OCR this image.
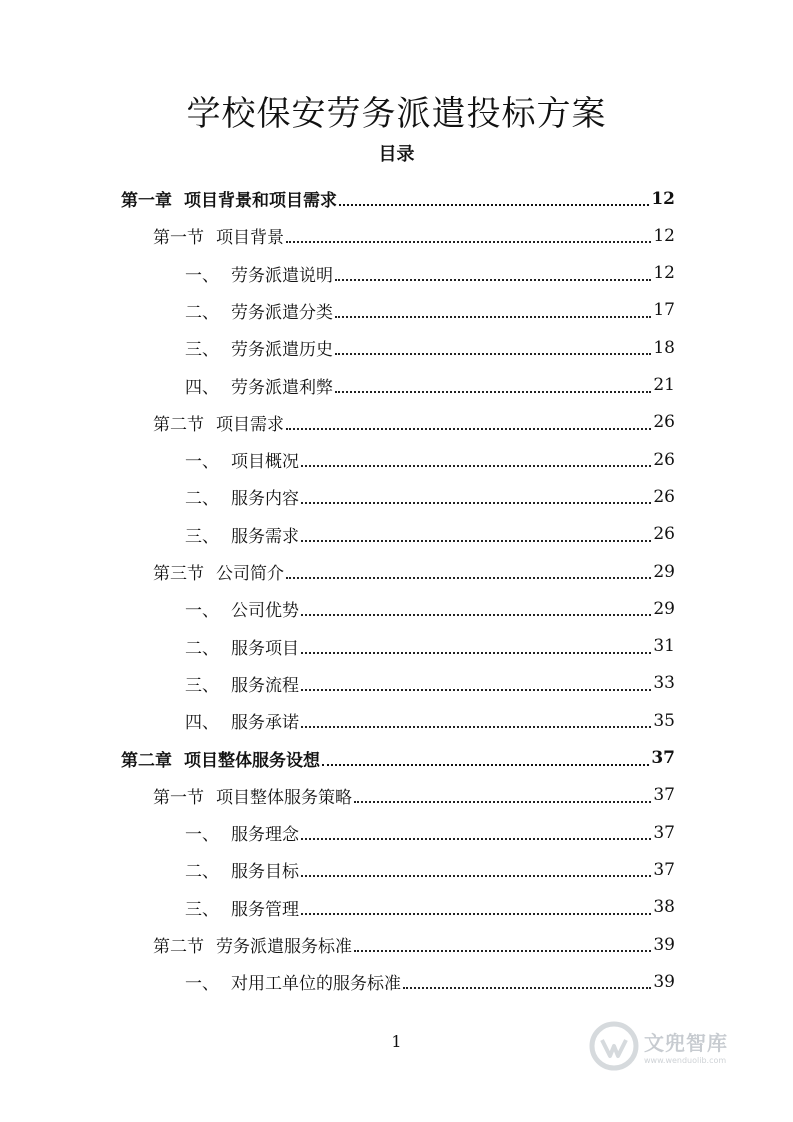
学校保安劳务派遣投标方案
目录
第一章 项目背景和项目需求	12
第一节 项目背景	12
一、 劳务派遣说明	12
二、 劳务派遣分类	17
三、 劳务派遣历史	18
四、 劳务派遣利弊	21
第二节 项目需求	26
一、 项目概况	26
二、 服务内容	26
三、 服务需求	26
第三节 公司简介	29
一、 公司优势	29
二、 服务项目	31
三、 服务流程	33
四、 服务承诺	35
第二章 项目整体服务设想	37
第一节 项目整体服务策略	37
一、 服务理念	37
二、 服务目标	37
三、 服务管理	38
第二节 劳务派遣服务标准	39
一、 对用工单位的服务标准	39
1	文兜智库
www.wenduolib.com
